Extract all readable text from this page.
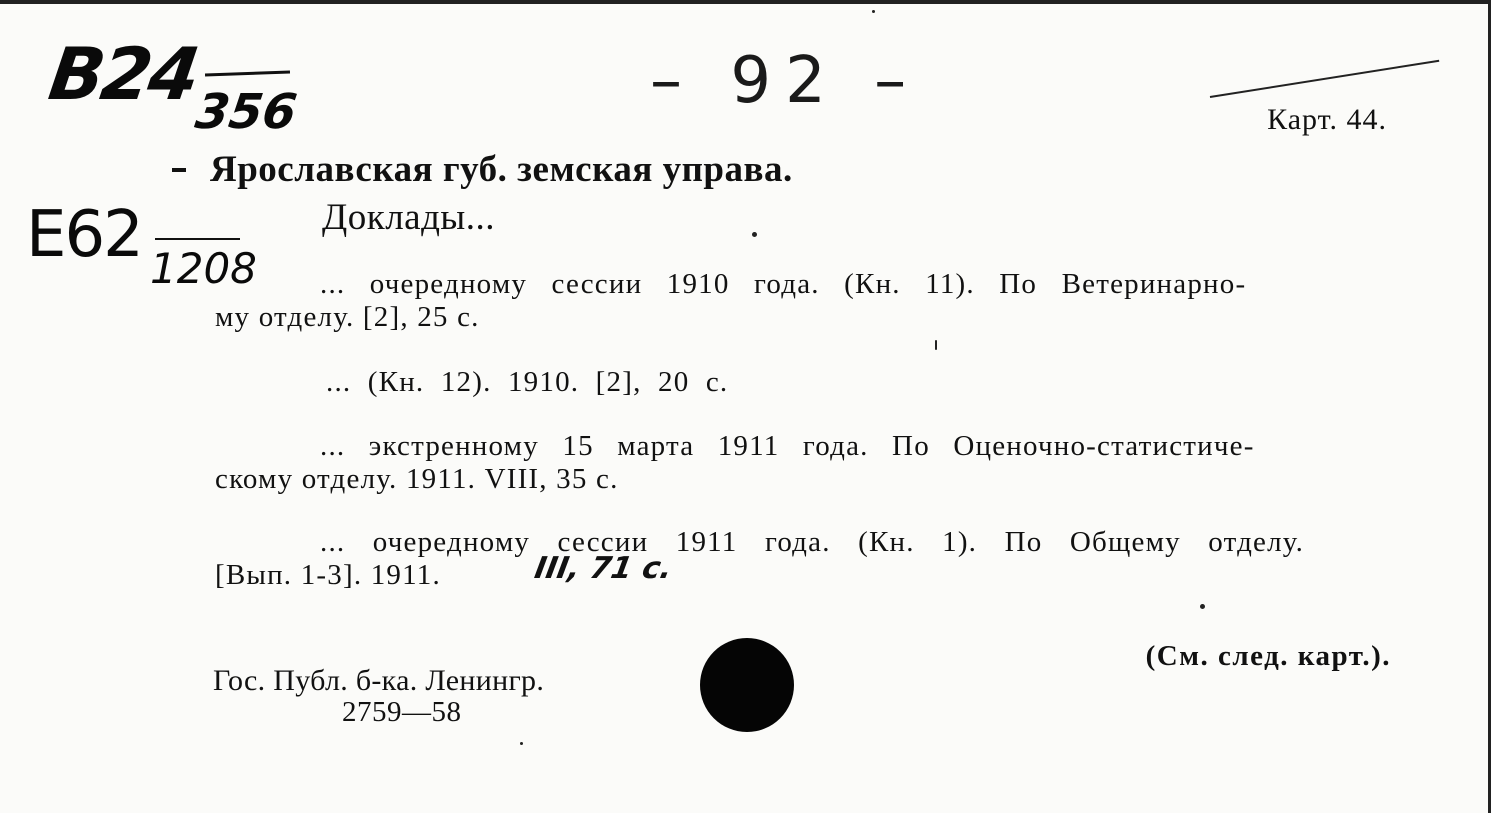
B24
356
E62 1208
– 92 –
Карт. 44.
Ярославская губ. земская управа.
Доклады...
... очередному сессии 1910 года. (Кн. 11). По Ветеринарно-
му отделу. [2], 25 с.
... (Кн. 12). 1910. [2], 20 с.
... экстренному 15 марта 1911 года. По Оценочно-статистиче-
скому отделу. 1911. VIII, 35 с.
... очередному сессии 1911 года. (Кн. 1). По Общему отделу.
[Вып. 1-3]. 1911.	III, 71 с.
(См. след. карт.).
Гос. Публ. б-ка. Ленингр.
2759—58
